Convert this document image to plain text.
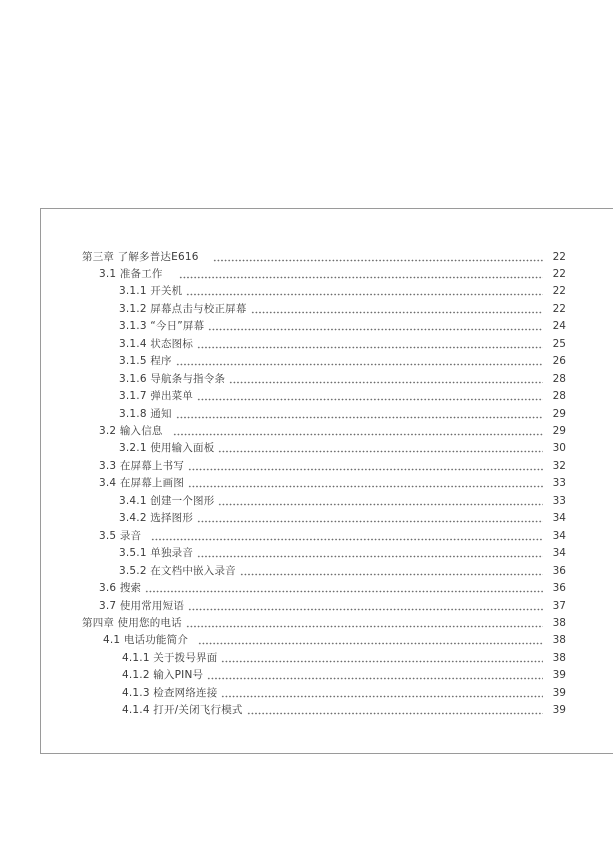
第三章 了解多普达E616	22
3.1 准备工作	22
3.1.1 开关机	22
3.1.2 屏幕点击与校正屏幕	22
3.1.3 “今日”屏幕	24
3.1.4 状态图标	25
3.1.5 程序	26
3.1.6 导航条与指令条	28
3.1.7 弹出菜单	28
3.1.8 通知	29
3.2 输入信息	29
3.2.1 使用输入面板	30
3.3 在屏幕上书写	32
3.4 在屏幕上画图	33
3.4.1 创建一个图形	33
3.4.2 选择图形	34
3.5 录音	34
3.5.1 单独录音	34
3.5.2 在文档中嵌入录音	36
3.6 搜索	36
3.7 使用常用短语	37
第四章 使用您的电话	38
4.1 电话功能简介	38
4.1.1 关于拨号界面	38
4.1.2 输入PIN号	39
4.1.3 检查网络连接	39
4.1.4 打开/关闭飞行模式	39
